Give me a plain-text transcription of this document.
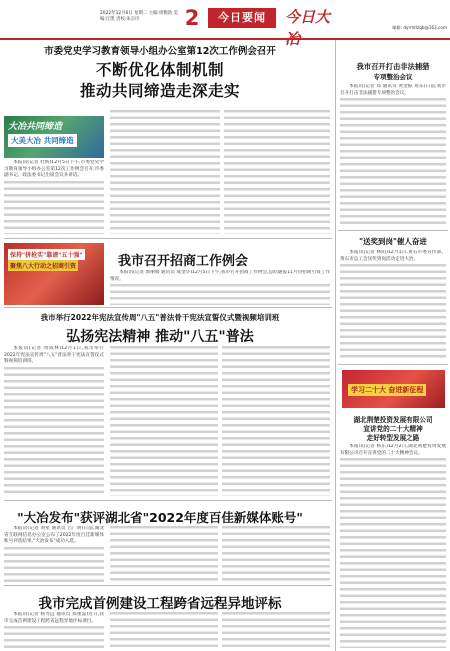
2022年12月6日 星期二 主编:周衡劭 美编:汪凯 责校:朱宗序	2	今日要闻	今日大冶
邮箱: dyrmtlzqb@163.com
市委党史学习教育领导小组办公室第12次工作例会召开
不断优化体制机制
推动共同缔造走深走实
大冶共同缔造
大美大冶 共同缔造

本报讯(记者 杜辉)12月5日下午,市委党史学习教育领导小组办公室第12次工作例会召开,市委副书记、政法委书记出席会议并讲话。

保持"拼抢实"靠谱"五十强"
聚焦八大行动之招商引资	我市召开招商工作例会

本报讯(记者 郭丽娟 通讯员 成金华)12月5日下午,我市召开招商工作例会,总结通报11月份招商引资工作情况。

我市举行2022年宪法宣传周"八五"普法骨干宪法宣誓仪式暨视频培训班
弘扬宪法精神 推动"八五"普法

本报讯(记者 黄成林)12月1日,我市举行2022年宪法宣传周"八五"普法骨干宪法宣誓仪式暨视频培训班。

"大冶发布"获评湖北省"2022年度百佳新媒体账号"

本报讯(记者 刘星 通讯员 吕广明)日前,湖北省互联网信息办公室公布了2022年度百佳新媒体账号评选结果,"大冶发布"成功入选。

我市完成首例建设工程跨省远程异地评标

本报讯(记者 杨寿远 通讯员 郑重蕊)近日,我市完成首例建设工程跨省远程异地评标项目。

我市召开打击非法捕猎
专项整治会议

本报讯(记者 郑 通讯员 黄金振 易东)日前,我市召开打击非法捕猎专项整治会议。

"送奖到岗"催人奋进

本报讯(记者 林阳)12月1日,黄石市委宣传部、黄石市总工会送奖到岗活动走进大冶。

学习二十大 奋进新征程
湖北荆楚投资发展有限公司
宣讲党的二十大精神
走好转型发展之路

本报讯(记者 杨东)12月2日,湖北荆楚投资发展有限公司召开宣讲党的二十大精神会议。
